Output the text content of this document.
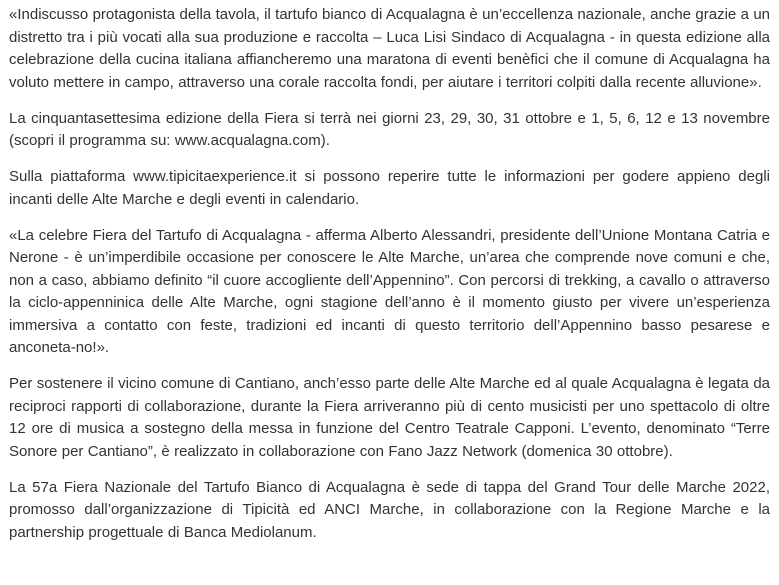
«Indiscusso protagonista della tavola, il tartufo bianco di Acqualagna è un’eccellenza nazionale, anche grazie a un distretto tra i più vocati alla sua produzione e raccolta – Luca Lisi Sindaco di Acqualagna - in questa edizione alla celebrazione della cucina italiana affiancheremo una maratona di eventi benèfici che il comune di Acqualagna ha voluto mettere in campo, attraverso una corale raccolta fondi, per aiutare i territori colpiti dalla recente alluvione».

La cinquantasettesima edizione della Fiera si terrà nei giorni 23, 29, 30, 31 ottobre e 1, 5, 6, 12 e 13 novembre (scopri il programma su: www.acqualagna.com).

Sulla piattaforma www.tipicitaexperience.it si possono reperire tutte le informazioni per godere appieno degli incanti delle Alte Marche e degli eventi in calendario.

«La celebre Fiera del Tartufo di Acqualagna - afferma Alberto Alessandri, presidente dell’Unione Montana Catria e Nerone - è un’imperdibile occasione per conoscere le Alte Marche, un’area che comprende nove comuni e che, non a caso, abbiamo definito “il cuore accogliente dell’Appennino”. Con percorsi di trekking, a cavallo o attraverso la ciclo-appenninica delle Alte Marche, ogni stagione dell’anno è il momento giusto per vivere un’esperienza immersiva a contatto con feste, tradizioni ed incanti di questo territorio dell’Appennino basso pesarese e anconeta-no!».

Per sostenere il vicino comune di Cantiano, anch’esso parte delle Alte Marche ed al quale Acqualagna è legata da reciproci rapporti di collaborazione, durante la Fiera arriveranno più di cento musicisti per uno spettacolo di oltre 12 ore di musica a sostegno della messa in funzione del Centro Teatrale Capponi. L’evento, denominato “Terre Sonore per Cantiano”, è realizzato in collaborazione con Fano Jazz Network (domenica 30 ottobre).

La 57a Fiera Nazionale del Tartufo Bianco di Acqualagna è sede di tappa del Grand Tour delle Marche 2022, promosso dall’organizzazione di Tipicità ed ANCI Marche, in collaborazione con la Regione Marche e la partnership progettuale di Banca Mediolanum.
